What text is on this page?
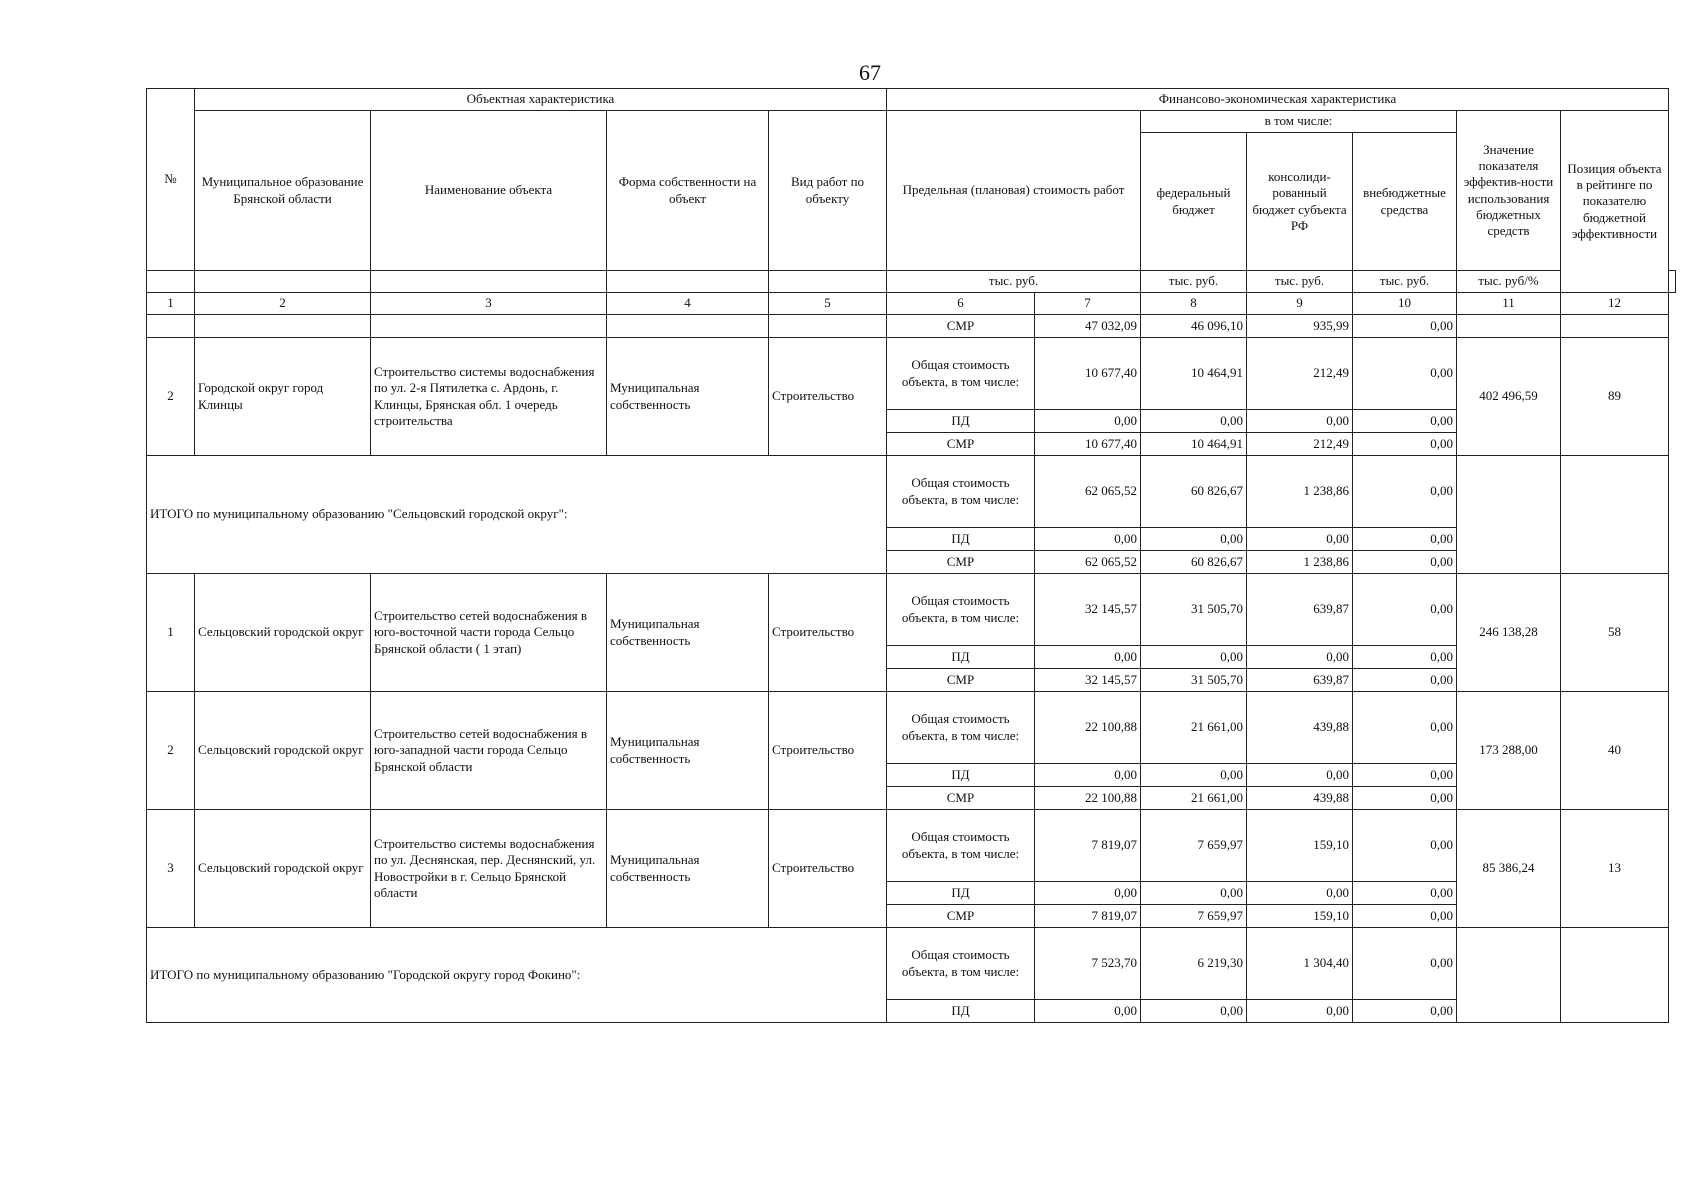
67
№	Объектная характеристика				Финансово-экономическая характеристика							
	Муниципальное образование Брянской области	Наименование объекта	Форма собственности на объект	Вид работ по объекту	Предельная (плановая) стоимость работ		в том числе:			Значение показателя эффектив-ности использования бюджетных средств	Позиция объекта в рейтинге по показателю бюджетной эффективности	
							федеральный бюджет	консолиди-рованный бюджет субъекта РФ	внебюджетные средства			
					тыс. руб.		тыс. руб.	тыс. руб.	тыс. руб.	тыс. руб/%		
1	2	3	4	5	6	7	8	9	10	11	12	
					СМР	47 032,09	46 096,10	935,99	0,00			
2	Городской округ город Клинцы	Строительство системы водоснабжения по ул. 2-я Пятилетка с. Ардонь, г. Клинцы, Брянская обл. 1 очередь строительства	Муниципальная собственность	Строительство	Общая стоимость объекта, в том числе:	10 677,40	10 464,91	212,49	0,00	402 496,59	89	
					ПД	0,00	0,00	0,00	0,00			
					СМР	10 677,40	10 464,91	212,49	0,00			
ИТОГО по муниципальному образованию "Сельцовский городской округ":					Общая стоимость объекта, в том числе:	62 065,52	60 826,67	1 238,86	0,00			
					ПД	0,00	0,00	0,00	0,00			
					СМР	62 065,52	60 826,67	1 238,86	0,00			
1	Сельцовский городской округ	Строительство сетей водоснабжения в юго-восточной части города Сельцо Брянской области ( 1 этап)	Муниципальная собственность	Строительство	Общая стоимость объекта, в том числе:	32 145,57	31 505,70	639,87	0,00	246 138,28	58	
					ПД	0,00	0,00	0,00	0,00			
					СМР	32 145,57	31 505,70	639,87	0,00			
2	Сельцовский городской округ	Строительство сетей водоснабжения в юго-западной части города Сельцо Брянской области	Муниципальная собственность	Строительство	Общая стоимость объекта, в том числе:	22 100,88	21 661,00	439,88	0,00	173 288,00	40	
					ПД	0,00	0,00	0,00	0,00			
					СМР	22 100,88	21 661,00	439,88	0,00			
3	Сельцовский городской округ	Строительство системы водоснабжения по ул. Деснянская, пер. Деснянский, ул. Новостройки в г. Сельцо Брянской области	Муниципальная собственность	Строительство	Общая стоимость объекта, в том числе:	7 819,07	7 659,97	159,10	0,00	85 386,24	13	
					ПД	0,00	0,00	0,00	0,00			
					СМР	7 819,07	7 659,97	159,10	0,00			
ИТОГО по муниципальному образованию "Городской округу город Фокино":					Общая стоимость объекта, в том числе:	7 523,70	6 219,30	1 304,40	0,00			
					ПД	0,00	0,00	0,00	0,00			
